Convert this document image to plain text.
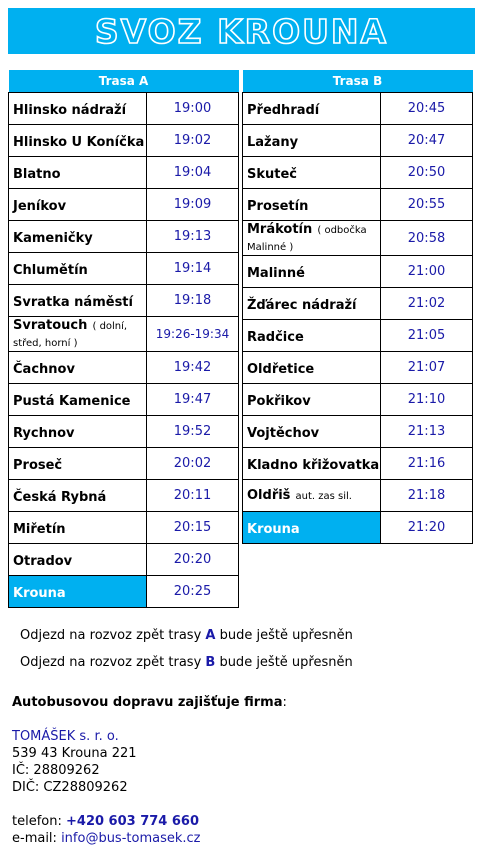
SVOZ KROUNA
Trasa A	
Hlinsko nádraží	19:00
Hlinsko U Koníčka	19:02
Blatno	19:04
Jeníkov	19:09
Kameničky	19:13
Chlumětín	19:14
Svratka náměstí	19:18
Svratouch ( dolní, střed, horní )	19:26-19:34
Čachnov	19:42
Pustá Kamenice	19:47
Rychnov	19:52
Proseč	20:02
Česká Rybná	20:11
Miřetín	20:15
Otradov	20:20
Krouna	20:25
Trasa B	
Předhradí	20:45
Lažany	20:47
Skuteč	20:50
Prosetín	20:55
Mrákotín ( odbočka Malinné )	20:58
Malinné	21:00
Žďárec nádraží	21:02
Radčice	21:05
Oldřetice	21:07
Pokřikov	21:10
Vojtěchov	21:13
Kladno křižovatka	21:16
Oldřiš aut. zas sil.	21:18
Krouna	21:20

Odjezd na rozvoz zpět trasy A bude ještě upřesněn

Odjezd na rozvoz zpět trasy B bude ještě upřesněn

Autobusovou dopravu zajišťuje firma:
TOMÁŠEK s. r. o.
539 43 Krouna 221
IČ: 28809262
DIČ: CZ28809262
telefon: +420 603 774 660
e-mail: info@bus-tomasek.cz
